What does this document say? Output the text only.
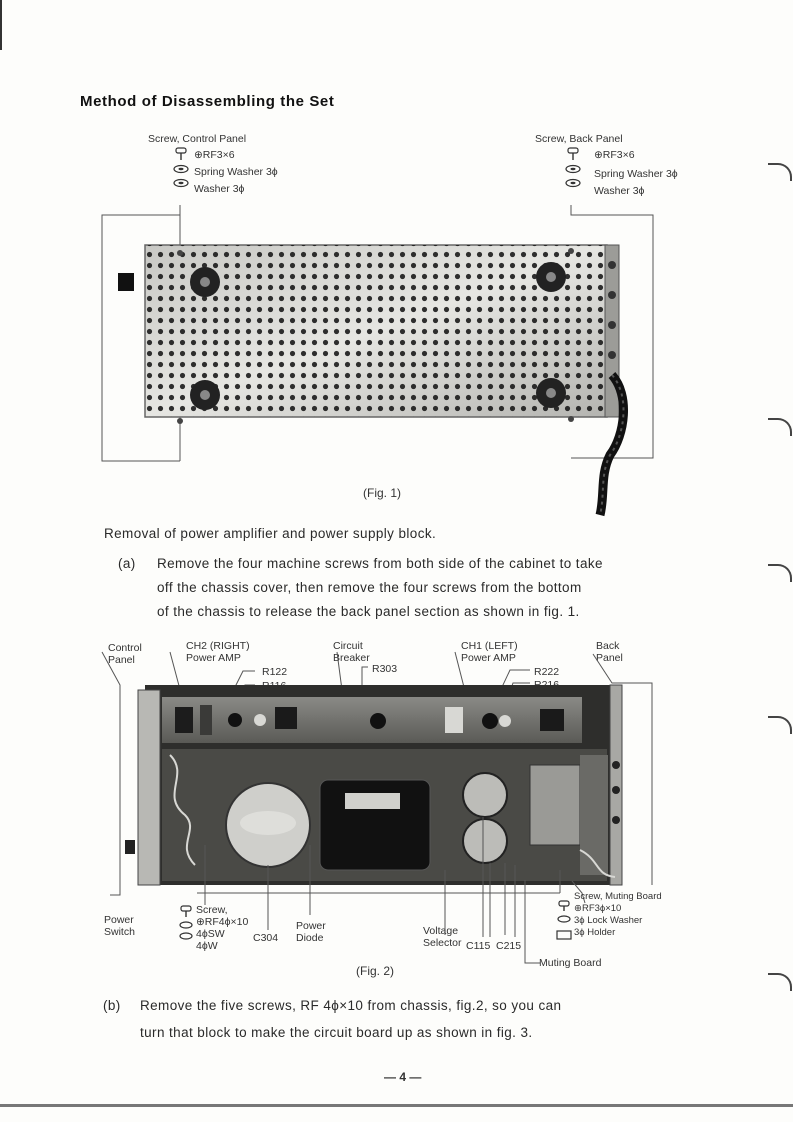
Method of Disassembling the Set
Screw, Control Panel
⊕RF3×6
Spring Washer 3ϕ
Washer 3ϕ
Screw, Back Panel
⊕RF3×6
Spring Washer 3ϕ
Washer 3ϕ
(Fig. 1)
Removal of power amplifier and power supply block.
(a) Remove the four machine screws from both side of the cabinet to take
off the chassis cover, then remove the four screws from the bottom
of the chassis to release the back panel section as shown in fig. 1.
Control
Panel
CH2 (RIGHT)
Power AMP
R122
Circuit
Breaker
R303
CH1 (LEFT)
Power AMP
R222
Back
Panel
Power
Switch
Screw,
⊕RF4ϕ×10
4ϕSW
4ϕW
C304
Power
Diode
Voltage
Selector C115 C215
Screw, Muting Board
⊕RF3ϕ×10
3ϕ Lock Washer
3ϕ Holder
Muting Board
(Fig. 2)
(b) Remove the five screws, RF 4ϕ×10 from chassis, fig.2, so you can
turn that block to make the circuit board up as shown in fig. 3.
— 4 —
